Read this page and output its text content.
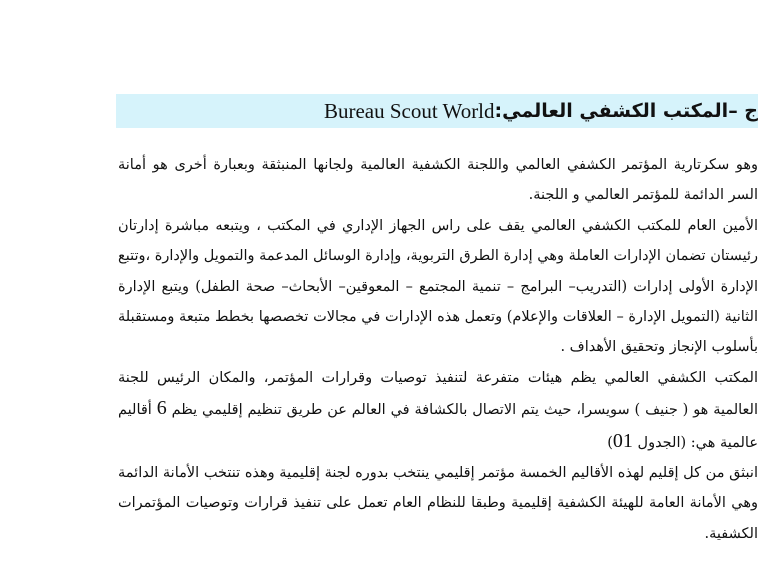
ج –المكتب الكشفي العالمي:
Bureau Scout World

وهو سكرتارية المؤتمر الكشفي العالمي واللجنة الكشفية العالمية ولجانها المنبثقة وبعبارة أخرى هو أمانة السر الدائمة للمؤتمر العالمي و اللجنة.

الأمين العام للمكتب الكشفي العالمي يقف على راس الجهاز الإداري في المكتب ، ويتبعه مباشرة إدارتان رئيستان تضمان الإدارات العاملة وهي إدارة الطرق التربوية، وإدارة الوسائل المدعمة والتمويل والإدارة ،وتتبع الإدارة الأولى إدارات (التدريب– البرامج – تنمية المجتمع – المعوقين– الأبحاث– صحة الطفل) ويتبع الإدارة الثانية (التمويل الإدارة – العلاقات والإعلام) وتعمل هذه الإدارات في مجالات تخصصها بخطط متبعة ومستقبلة بأسلوب الإنجاز وتحقيق الأهداف .

المكتب الكشفي العالمي يظم هيئات متفرعة لتنفيذ توصيات وقرارات المؤتمر، والمكان الرئيس للجنة العالمية هو ( جنيف ) سويسرا، حيث يتم الاتصال بالكشافة في العالم عن طريق تنظيم إقليمي يظم 6 أقاليم عالمية هي: (الجدول 01)

انبثق من كل إقليم لهذه الأقاليم الخمسة مؤتمر إقليمي ينتخب بدوره لجنة إقليمية وهذه تنتخب الأمانة الدائمة وهي الأمانة العامة للهيئة الكشفية إقليمية وطبقا للنظام العام تعمل على تنفيذ قرارات وتوصيات المؤتمرات الكشفية.
